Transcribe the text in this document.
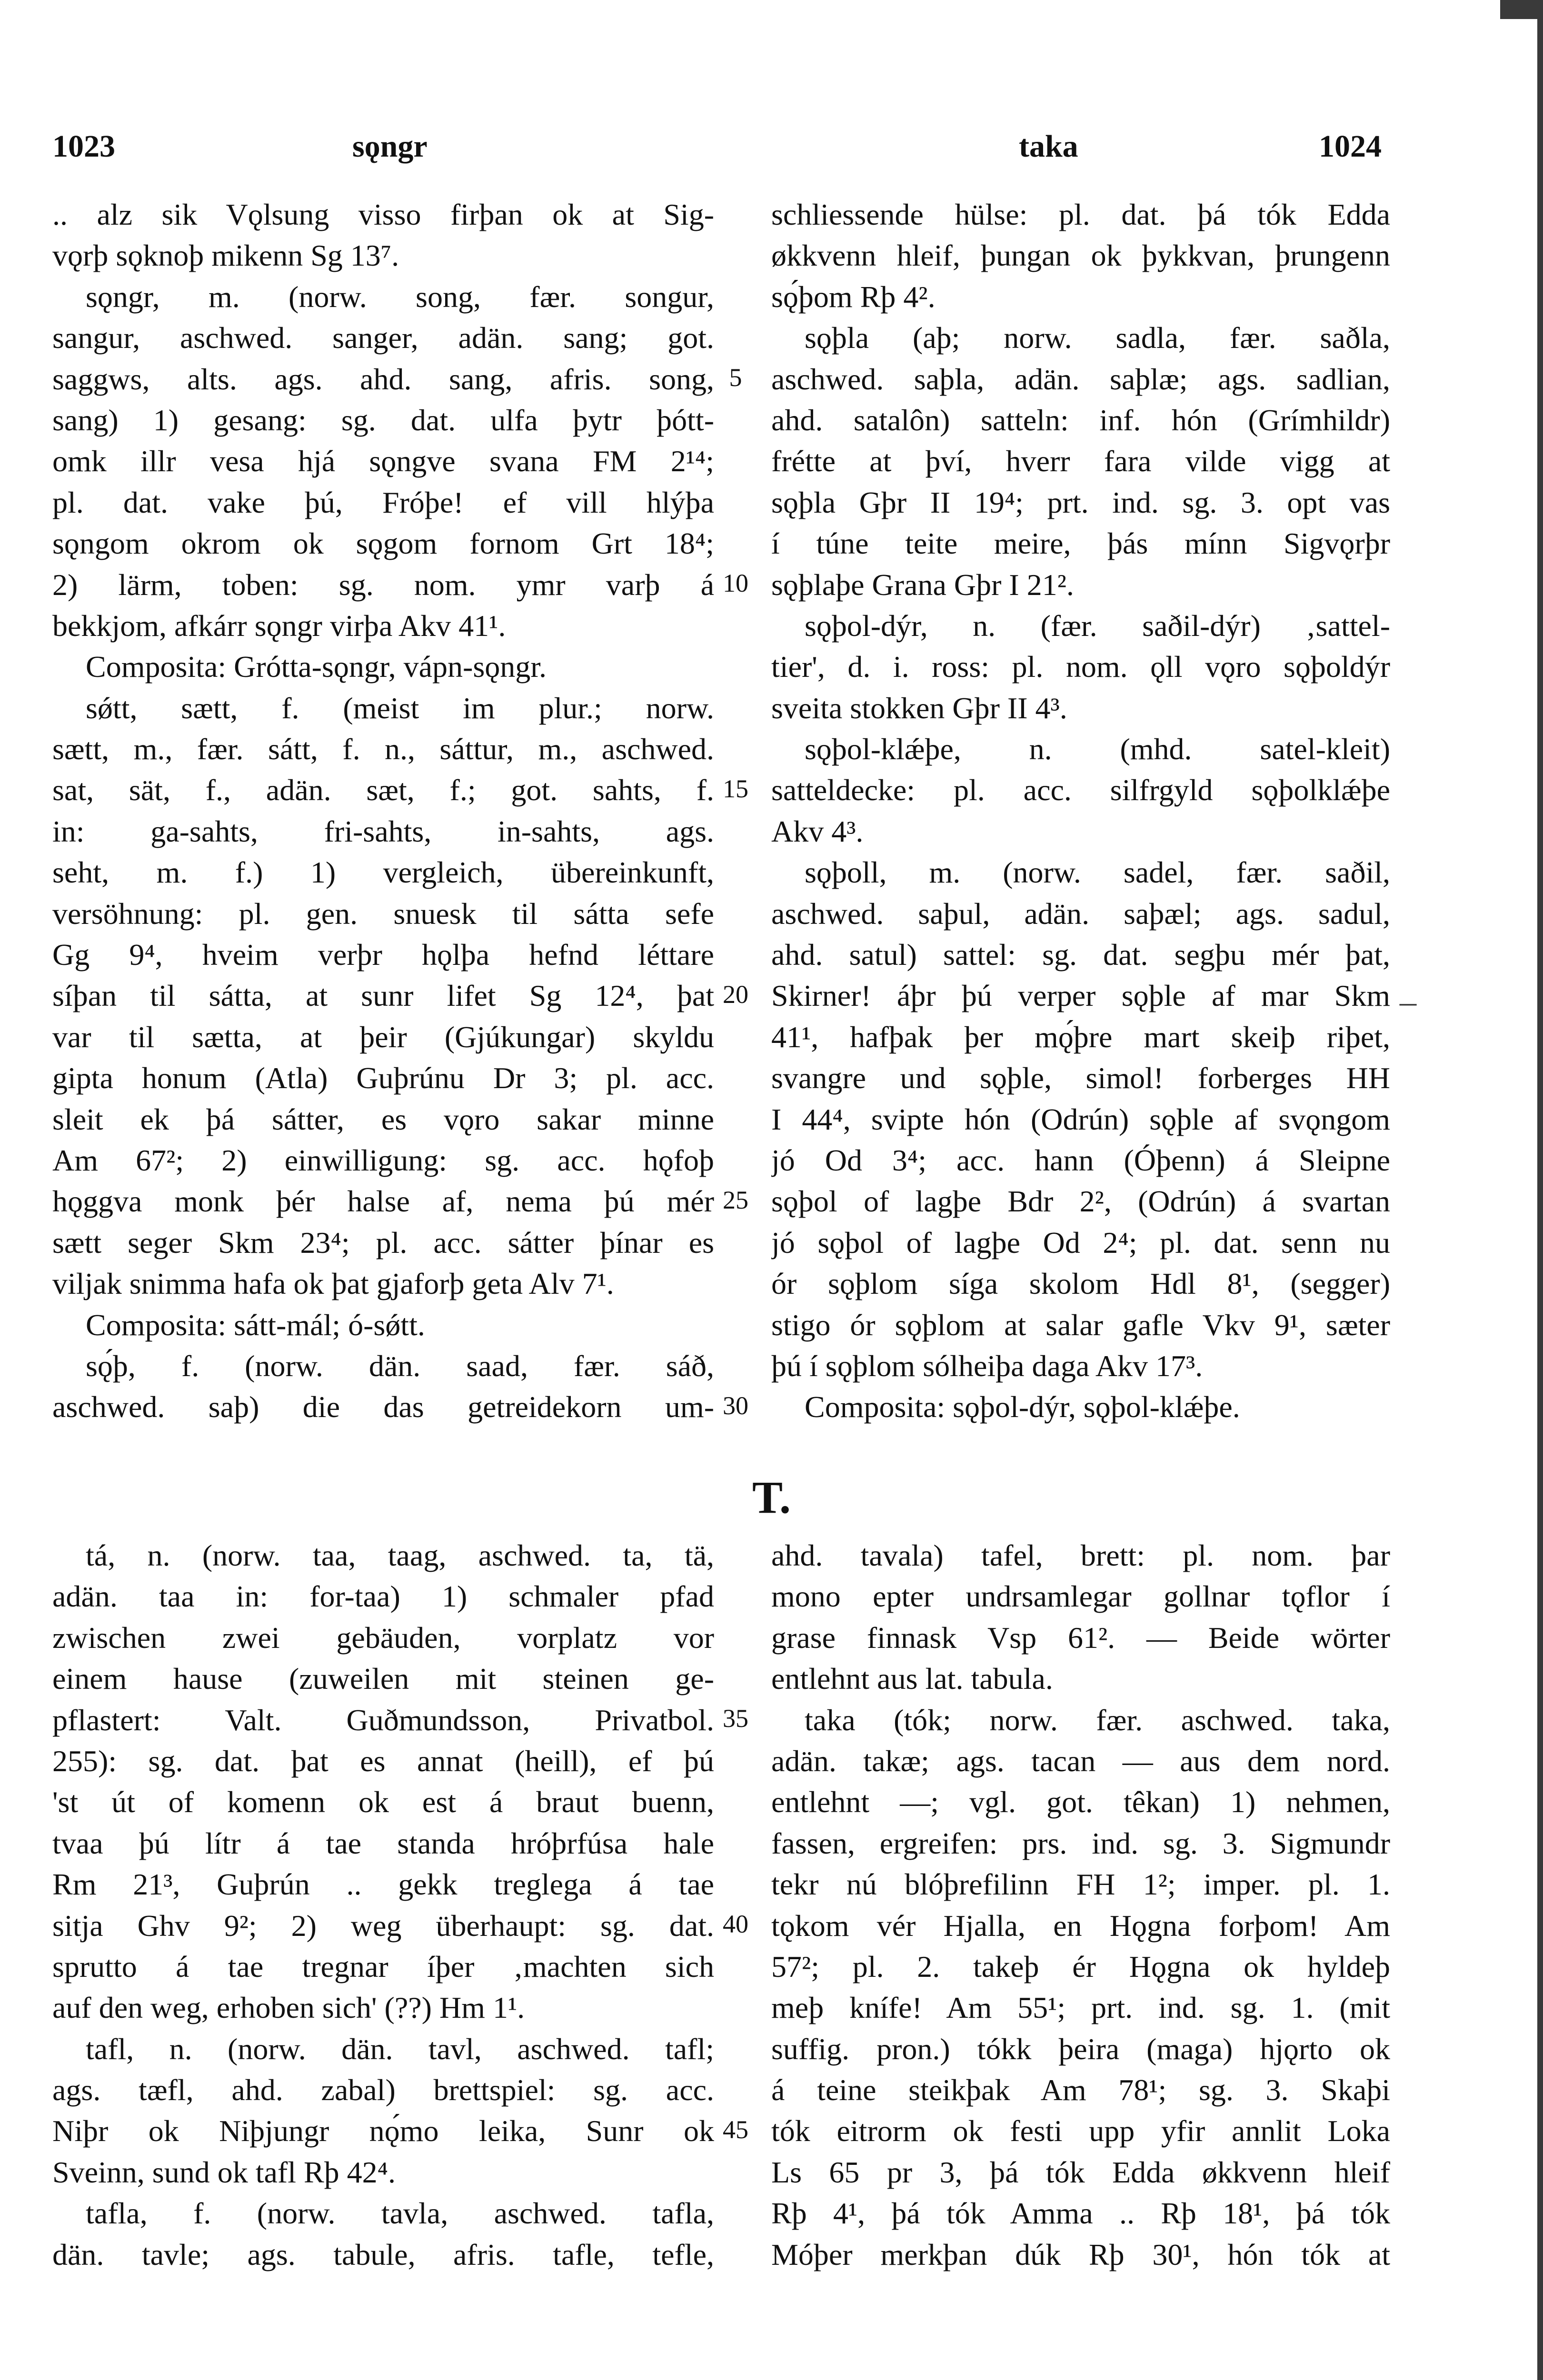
1023	sǫngr	taka	1024
.. alz sik Vǫlsung visso firþan ok at Sig-
vǫrþ sǫknoþ mikenn Sg 13⁷.
sǫngr, m. (norw. song, fær. songur,
sangur, aschwed. sanger, adän. sang; got.
saggws, alts. ags. ahd. sang, afris. song,
sang) 1) gesang: sg. dat. ulfa þytr þótt-
omk illr vesa hjá sǫngve svana FM 2¹⁴;
pl. dat. vake þú, Fróþe! ef vill hlýþa
sǫngom okrom ok sǫgom fornom Grt 18⁴;
2) lärm, toben: sg. nom. ymr varþ á
bekkjom, afkárr sǫngr virþa Akv 41¹.
Composita: Grótta-sǫngr, vápn-sǫngr.
sǿtt, sætt, f. (meist im plur.; norw.
sætt, m., fær. sátt, f. n., sáttur, m., aschwed.
sat, sät, f., adän. sæt, f.; got. sahts, f.
in: ga-sahts, fri-sahts, in-sahts, ags.
seht, m. f.) 1) vergleich, übereinkunft,
versöhnung: pl. gen. snuesk til sátta sefe
Gg 9⁴, hveim verþr hǫlþa hefnd léttare
síþan til sátta, at sunr lifet Sg 12⁴, þat
var til sætta, at þeir (Gjúkungar) skyldu
gipta honum (Atla) Guþrúnu Dr 3; pl. acc.
sleit ek þá sátter, es vǫro sakar minne
Am 67²; 2) einwilligung: sg. acc. hǫfoþ
hǫggva monk þér halse af, nema þú mér
sætt seger Skm 23⁴; pl. acc. sátter þínar es
viljak snimma hafa ok þat gjaforþ geta Alv 7¹.
Composita: sátt-mál; ó-sǿtt.
sǫ́þ, f. (norw. dän. saad, fær. sáð,
aschwed. saþ) die das getreidekorn um-
schliessende hülse: pl. dat. þá tók Edda
økkvenn hleif, þungan ok þykkvan, þrungenn
sǫ́þom Rþ 4².
sǫþla (aþ; norw. sadla, fær. saðla,
aschwed. saþla, adän. saþlæ; ags. sadlian,
ahd. satalôn) satteln: inf. hón (Grímhildr)
frétte at því, hverr fara vilde vigg at
sǫþla Gþr II 19⁴; prt. ind. sg. 3. opt vas
í túne teite meire, þás mínn Sigvǫrþr
sǫþlaþe Grana Gþr I 21².
sǫþol-dýr, n. (fær. saðil-dýr) ‚sattel-
tier', d. i. ross: pl. nom. ǫll vǫro sǫþoldýr
sveita stokken Gþr II 4³.
sǫþol-klǽþe, n. (mhd. satel-kleit)
satteldecke: pl. acc. silfrgyld sǫþolklǽþe
Akv 4³.
sǫþoll, m. (norw. sadel, fær. saðil,
aschwed. saþul, adän. saþæl; ags. sadul,
ahd. satul) sattel: sg. dat. segþu mér þat,
Skirner! áþr þú verper sǫþle af mar Skm
41¹, hafþak þer mǫ́þre mart skeiþ riþet,
svangre und sǫþle, simol! forberges HH
I 44⁴, svipte hón (Odrún) sǫþle af svǫngom
jó Od 3⁴; acc. hann (Óþenn) á Sleipne
sǫþol of lagþe Bdr 2², (Odrún) á svartan
jó sǫþol of lagþe Od 2⁴; pl. dat. senn nu
ór sǫþlom síga skolom Hdl 8¹, (segger)
stigo ór sǫþlom at salar gafle Vkv 9¹, sæter
þú í sǫþlom sólheiþa daga Akv 17³.
Composita: sǫþol-dýr, sǫþol-klǽþe.
T.
tá, n. (norw. taa, taag, aschwed. ta, tä,
adän. taa in: for-taa) 1) schmaler pfad
zwischen zwei gebäuden, vorplatz vor
einem hause (zuweilen mit steinen ge-
pflastert: Valt. Guðmundsson, Privatbol.
255): sg. dat. þat es annat (heill), ef þú
'st út of komenn ok est á braut buenn,
tvaa þú lítr á tae standa hróþrfúsa hale
Rm 21³, Guþrún .. gekk treglega á tae
sitja Ghv 9²; 2) weg überhaupt: sg. dat.
sprutto á tae tregnar íþer ‚machten sich
auf den weg, erhoben sich' (??) Hm 1¹.
tafl, n. (norw. dän. tavl, aschwed. tafl;
ags. tæfl, ahd. zabal) brettspiel: sg. acc.
Niþr ok Niþjungr nǫ́mo leika, Sunr ok
Sveinn, sund ok tafl Rþ 42⁴.
tafla, f. (norw. tavla, aschwed. tafla,
dän. tavle; ags. tabule, afris. tafle, tefle,
ahd. tavala) tafel, brett: pl. nom. þar
mono epter undrsamlegar gollnar tǫflor í
grase finnask Vsp 61². — Beide wörter
entlehnt aus lat. tabula.
taka (tók; norw. fær. aschwed. taka,
adän. takæ; ags. tacan — aus dem nord.
entlehnt —; vgl. got. têkan) 1) nehmen,
fassen, ergreifen: prs. ind. sg. 3. Sigmundr
tekr nú blóþrefilinn FH 1²; imper. pl. 1.
tǫkom vér Hjalla, en Hǫgna forþom! Am
57²; pl. 2. takeþ ér Hǫgna ok hyldeþ
meþ knífe! Am 55¹; prt. ind. sg. 1. (mit
suffig. pron.) tókk þeira (maga) hjǫrto ok
á teine steikþak Am 78¹; sg. 3. Skaþi
tók eitrorm ok festi upp yfir annlit Loka
Ls 65 pr 3, þá tók Edda økkvenn hleif
Rþ 4¹, þá tók Amma .. Rþ 18¹, þá tók
Móþer merkþan dúk Rþ 30¹, hón tók at
5
10
15
20
25
30
35
40
45
¯
